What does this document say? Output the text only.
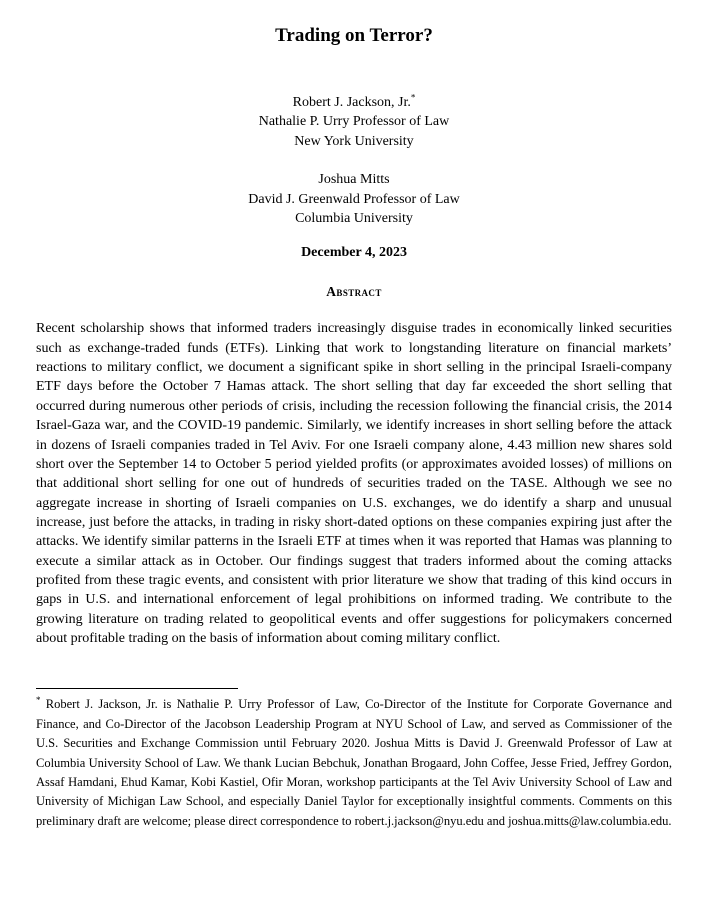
Trading on Terror?
Robert J. Jackson, Jr.*
Nathalie P. Urry Professor of Law
New York University
Joshua Mitts
David J. Greenwald Professor of Law
Columbia University
December 4, 2023
Abstract

Recent scholarship shows that informed traders increasingly disguise trades in economically linked securities such as exchange-traded funds (ETFs). Linking that work to longstanding literature on financial markets’ reactions to military conflict, we document a significant spike in short selling in the principal Israeli-company ETF days before the October 7 Hamas attack. The short selling that day far exceeded the short selling that occurred during numerous other periods of crisis, including the recession following the financial crisis, the 2014 Israel-Gaza war, and the COVID-19 pandemic. Similarly, we identify increases in short selling before the attack in dozens of Israeli companies traded in Tel Aviv. For one Israeli company alone, 4.43 million new shares sold short over the September 14 to October 5 period yielded profits (or approximates avoided losses) of millions on that additional short selling for one out of hundreds of securities traded on the TASE. Although we see no aggregate increase in shorting of Israeli companies on U.S. exchanges, we do identify a sharp and unusual increase, just before the attacks, in trading in risky short-dated options on these companies expiring just after the attacks. We identify similar patterns in the Israeli ETF at times when it was reported that Hamas was planning to execute a similar attack as in October. Our findings suggest that traders informed about the coming attacks profited from these tragic events, and consistent with prior literature we show that trading of this kind occurs in gaps in U.S. and international enforcement of legal prohibitions on informed trading. We contribute to the growing literature on trading related to geopolitical events and offer suggestions for policymakers concerned about profitable trading on the basis of information about coming military conflict.

* Robert J. Jackson, Jr. is Nathalie P. Urry Professor of Law, Co-Director of the Institute for Corporate Governance and Finance, and Co-Director of the Jacobson Leadership Program at NYU School of Law, and served as Commissioner of the U.S. Securities and Exchange Commission until February 2020. Joshua Mitts is David J. Greenwald Professor of Law at Columbia University School of Law. We thank Lucian Bebchuk, Jonathan Brogaard, John Coffee, Jesse Fried, Jeffrey Gordon, Assaf Hamdani, Ehud Kamar, Kobi Kastiel, Ofir Moran, workshop participants at the Tel Aviv University School of Law and University of Michigan Law School, and especially Daniel Taylor for exceptionally insightful comments. Comments on this preliminary draft are welcome; please direct correspondence to robert.j.jackson@nyu.edu and joshua.mitts@law.columbia.edu.
